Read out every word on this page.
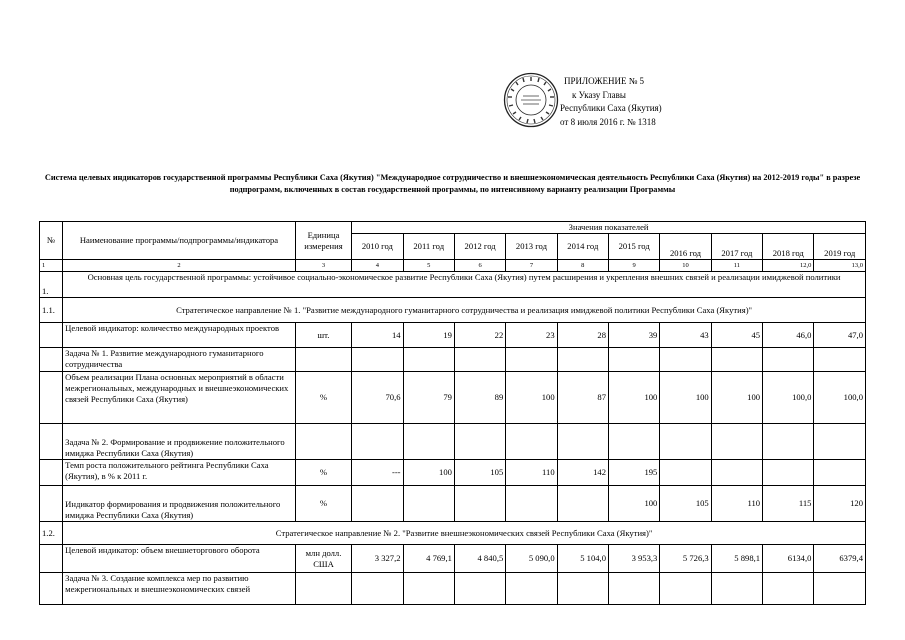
ПРИЛОЖЕНИЕ № 5
к Указу Главы
Республики Саха (Якутия)
от 8 июля 2016 г. № 1318
Система целевых индикаторов государственной программы Республики Саха (Якутия) "Международное сотрудничество и внешнеэкономическая деятельность Республики Саха (Якутия) на 2012-2019 годы" в разрезе подпрограмм, включенных в состав государственной программы, по интенсивному варианту реализации Программы
№	Наименование программы/подпрограммы/индикатора	Единица измерения	Значения показателей									
			2010 год	2011 год	2012 год	2013 год	2014 год	2015 год				
									2016 год	2017 год	2018 год	2019 год
1	2	3	4	5	6	7	8	9	10	11	12,0	13,0
1.	Основная цель государственной программы: устойчивое социально-экономическое развитие Республики Саха (Якутия) путем расширения и укрепления внешних связей и реализации имиджевой политики											
1.1.	Стратегическое направление № 1. "Развитие международного гуманитарного сотрудничества и реализация имиджевой политики Республики Саха (Якутия)"											
	Целевой индикатор: количество международных проектов	шт.	14	19	22	23	28	39	43	45	46,0	47,0
	Задача № 1. Развитие международного гуманитарного сотрудничества											
	Объем реализации Плана основных мероприятий в области межрегиональных, международных и внешнеэкономических связей Республики Саха (Якутия)	%	70,6	79	89	100	87	100	100	100	100,0	100,0
	Задача № 2. Формирование и продвижение положительного имиджа Республики Саха (Якутия)											
	Темп роста положительного рейтинга Республики Саха (Якутия), в % к 2011 г.	%	---	100	105	110	142	195				
	Индикатор формирования и продвижения положительного имиджа Республики Саха (Якутия)	%						100	105	110	115	120
1.2.	Стратегическое направление № 2. "Развитие внешнеэкономических связей Республики Саха (Якутия)"											
	Целевой индикатор: объем внешнеторгового оборота	млн долл. США	3 327,2	4 769,1	4 840,5	5 090,0	5 104,0	3 953,3	5 726,3	5 898,1	6134,0	6379,4
	Задача № 3. Создание комплекса мер по развитию межрегиональных и внешнеэкономических связей											
